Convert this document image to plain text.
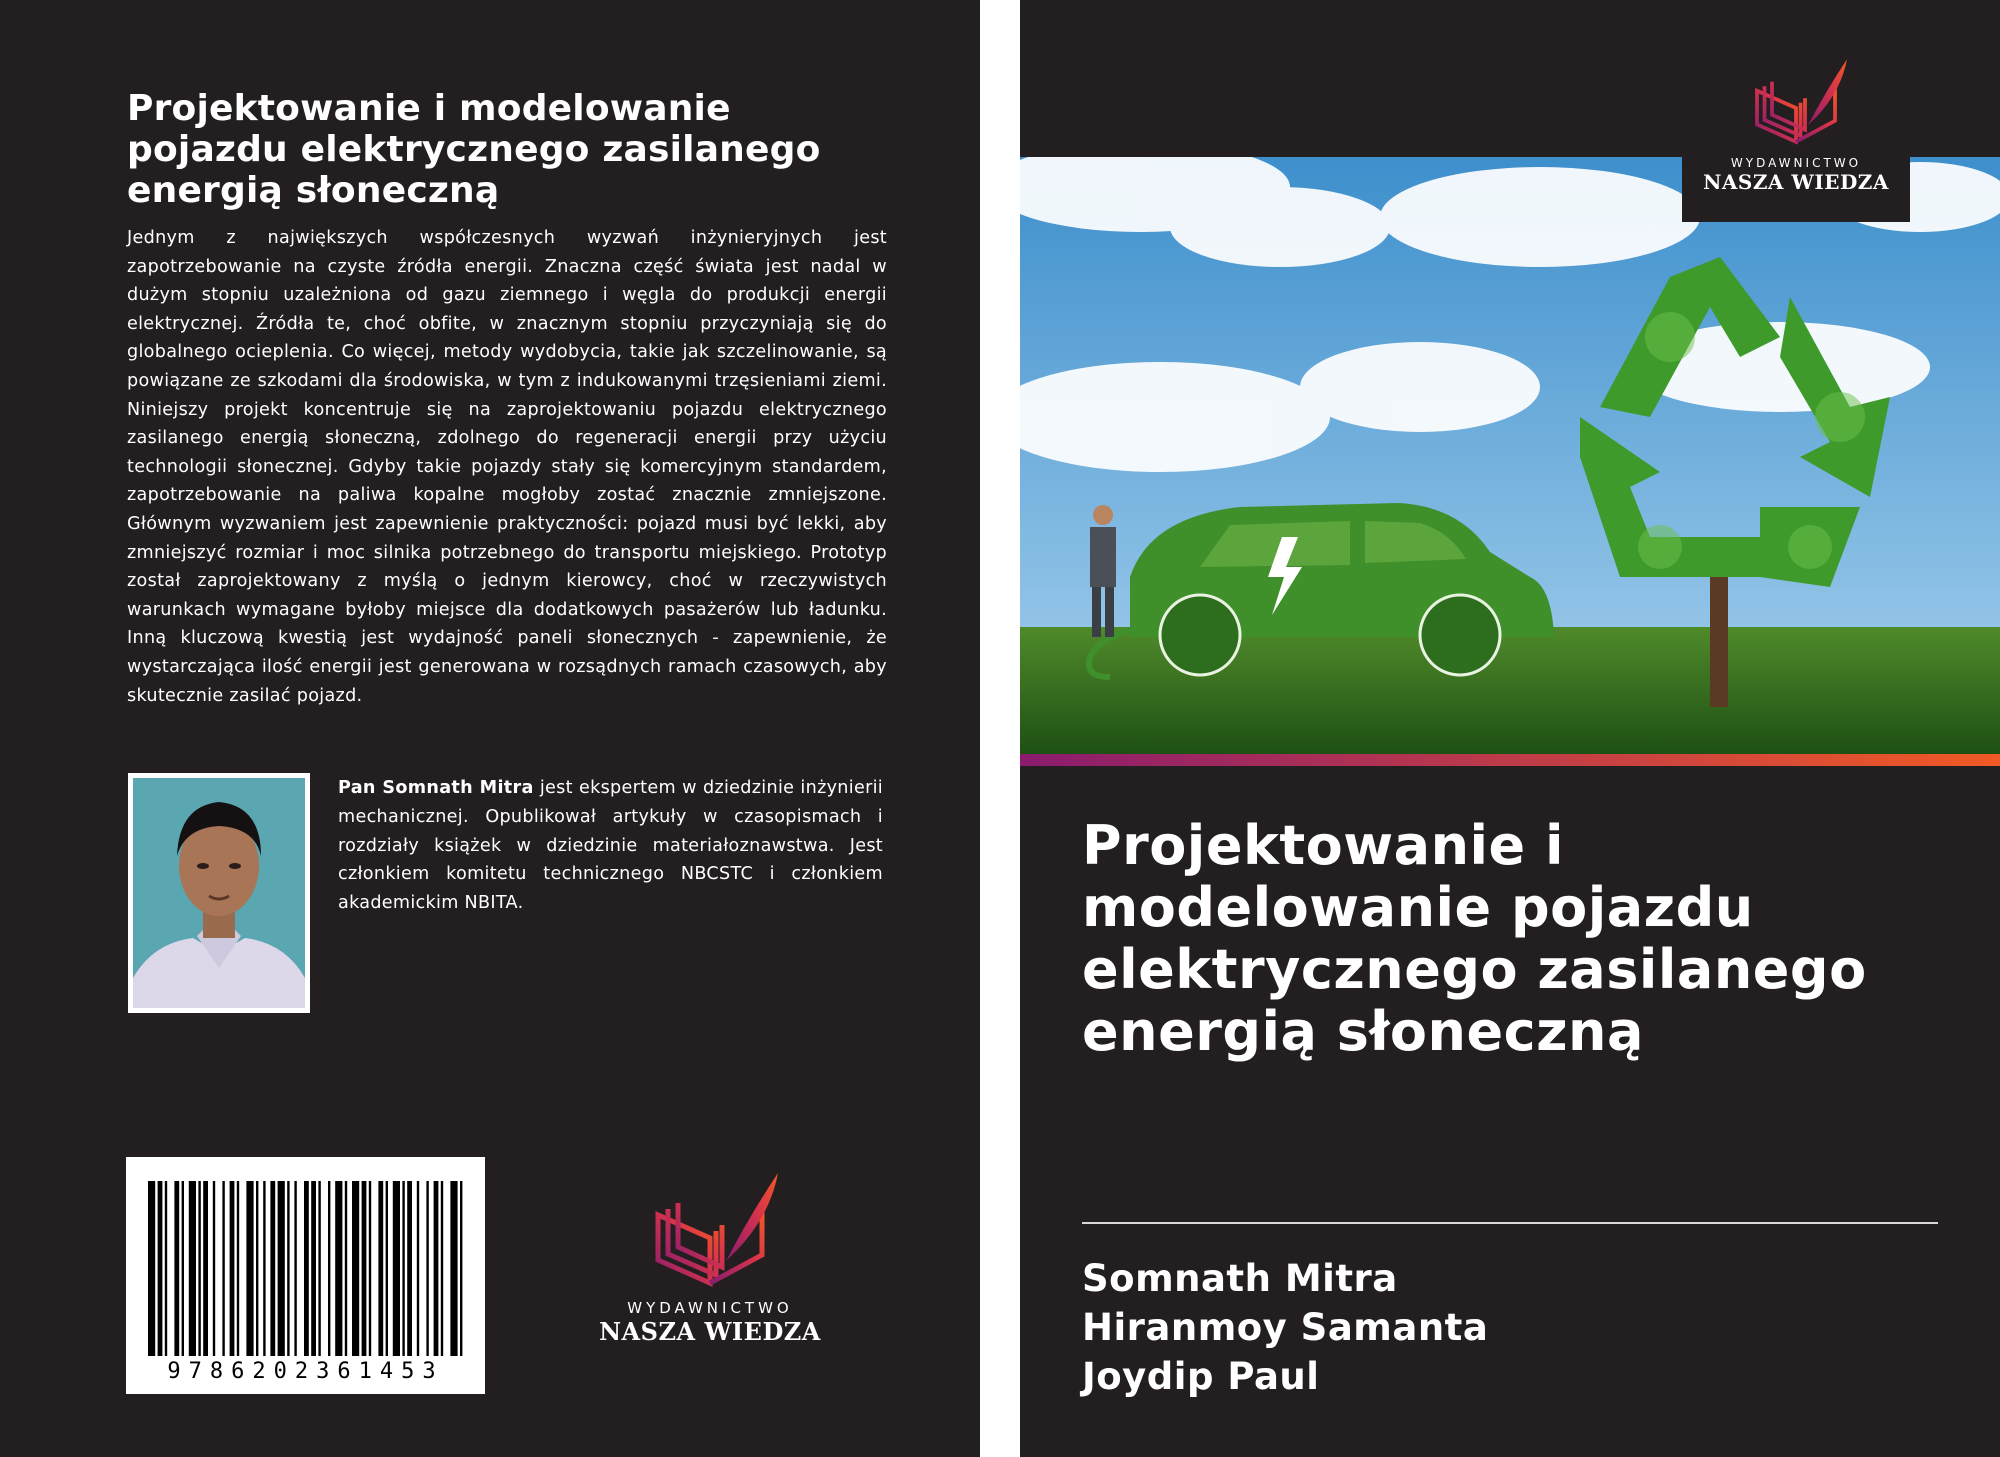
Projektowanie i modelowanie pojazdu elektrycznego zasilanego energią słoneczną

Jednym z największych współczesnych wyzwań inżynieryjnych jest zapotrzebowanie na czyste źródła energii. Znaczna część świata jest nadal w dużym stopniu uzależniona od gazu ziemnego i węgla do produkcji energii elektrycznej. Źródła te, choć obfite, w znacznym stopniu przyczyniają się do globalnego ocieplenia. Co więcej, metody wydobycia, takie jak szczelinowanie, są powiązane ze szkodami dla środowiska, w tym z indukowanymi trzęsieniami ziemi. Niniejszy projekt koncentruje się na zaprojektowaniu pojazdu elektrycznego zasilanego energią słoneczną, zdolnego do regeneracji energii przy użyciu technologii słonecznej. Gdyby takie pojazdy stały się komercyjnym standardem, zapotrzebowanie na paliwa kopalne mogłoby zostać znacznie zmniejszone. Głównym wyzwaniem jest zapewnienie praktyczności: pojazd musi być lekki, aby zmniejszyć rozmiar i moc silnika potrzebnego do transportu miejskiego. Prototyp został zaprojektowany z myślą o jednym kierowcy, choć w rzeczywistych warunkach wymagane byłoby miejsce dla dodatkowych pasażerów lub ładunku. Inną kluczową kwestią jest wydajność paneli słonecznych - zapewnienie, że wystarczająca ilość energii jest generowana w rozsądnych ramach czasowych, aby skutecznie zasilać pojazd.

Pan Somnath Mitra jest ekspertem w dziedzinie inżynierii mechanicznej. Opublikował artykuły w czasopismach i rozdziały książek w dziedzinie materiałoznawstwa. Jest członkiem komitetu technicznego NBCSTC i członkiem akademickim NBITA.

9786202361453
WYDAWNICTWO
NASZA WIEDZA
WYDAWNICTWO
NASZA WIEDZA
Projektowanie i modelowanie pojazdu elektrycznego zasilanego energią słoneczną
Somnath Mitra
Hiranmoy Samanta
Joydip Paul
